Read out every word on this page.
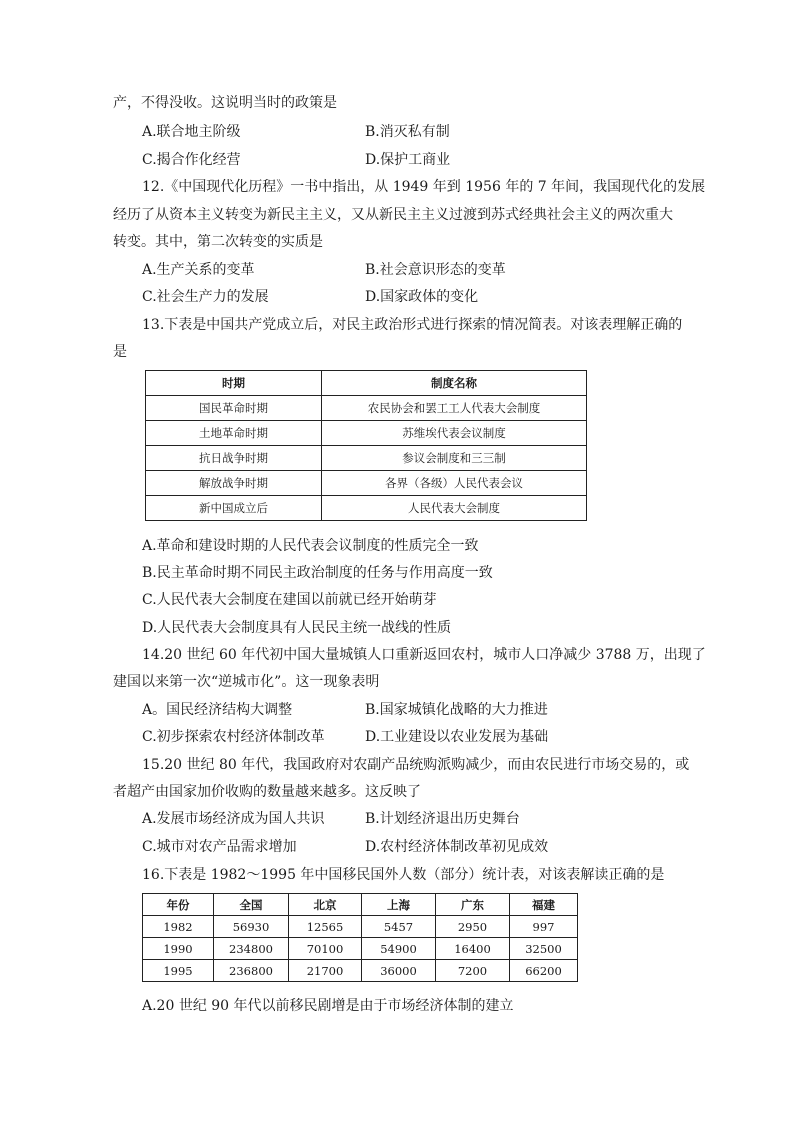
产，不得没收。这说明当时的政策是
A.联合地主阶级	B.消灭私有制
C.揭合作化经营	D.保护工商业
12.《中国现代化历程》一书中指出，从 1949 年到 1956 年的 7 年间，我国现代化的发展
经历了从资本主义转变为新民主主义，又从新民主主义过渡到苏式经典社会主义的两次重大
转变。其中，第二次转变的实质是
A.生产关系的变革	B.社会意识形态的变革
C.社会生产力的发展	D.国家政体的变化
13.下表是中国共产党成立后，对民主政治形式进行探索的情况简表。对该表理解正确的
是
时期	制度名称
国民革命时期	农民协会和罢工工人代表大会制度
土地革命时期	苏维埃代表会议制度
抗日战争时期	参议会制度和三三制
解放战争时期	各界（各级）人民代表会议
新中国成立后	人民代表大会制度
A.革命和建设时期的人民代表会议制度的性质完全一致
B.民主革命时期不同民主政治制度的任务与作用高度一致
C.人民代表大会制度在建国以前就已经开始萌芽
D.人民代表大会制度具有人民民主统一战线的性质
14.20 世纪 60 年代初中国大量城镇人口重新返回农村，城市人口净减少 3788 万，出现了
建国以来第一次“逆城市化”。这一现象表明
A。国民经济结构大调整	B.国家城镇化战略的大力推进
C.初步探索农村经济体制改革	D.工业建设以农业发展为基础
15.20 世纪 80 年代，我国政府对农副产品统购派购减少，而由农民进行市场交易的，或
者超产由国家加价收购的数量越来越多。这反映了
A.发展市场经济成为国人共识	B.计划经济退出历史舞台
C.城市对农产品需求增加	D.农村经济体制改革初见成效
16.下表是 1982～1995 年中国移民国外人数（部分）统计表，对该表解读正确的是
年份	全国	北京	上海	广东	福建
1982	56930	12565	5457	2950	997
1990	234800	70100	54900	16400	32500
1995	236800	21700	36000	7200	66200
A.20 世纪 90 年代以前移民剧增是由于市场经济体制的建立
